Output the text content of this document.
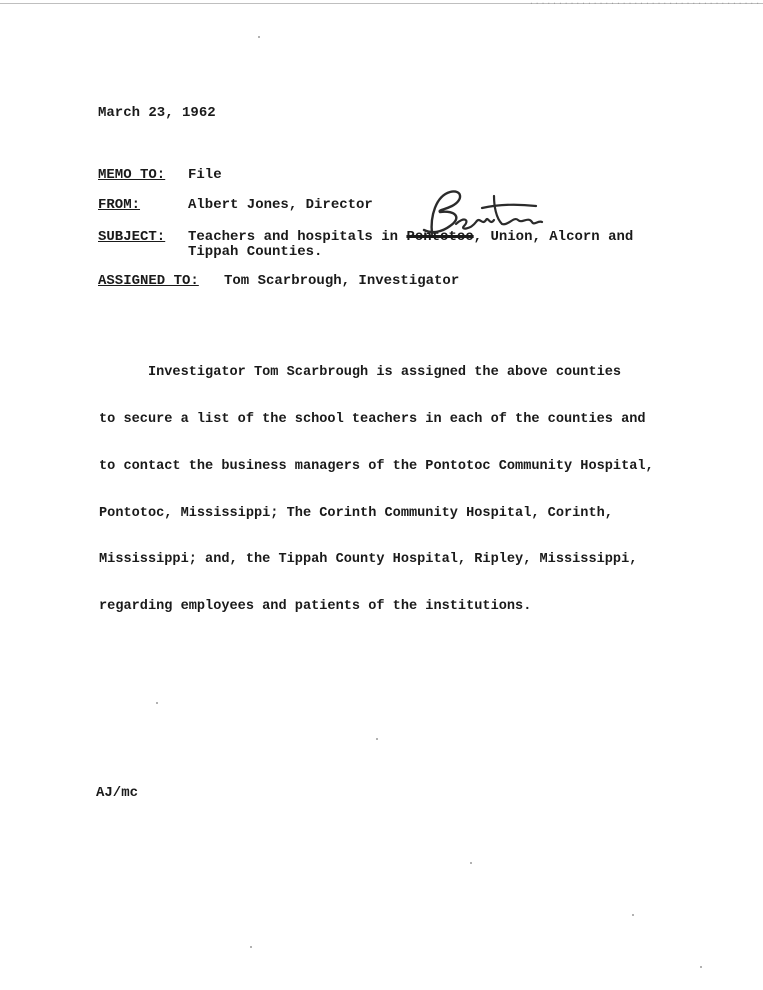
........................................
March 23, 1962
MEMO TO: File
FROM:	Albert Jones, Director
SUBJECT: Teachers and hospitals in Pontotoc, Union, Alcorn and
Tippah Counties.
Benton
ASSIGNED TO: Tom Scarbrough, Investigator

Investigator Tom Scarbrough is assigned the above counties

to secure a list of the school teachers in each of the counties and

to contact the business managers of the Pontotoc Community Hospital,

Pontotoc, Mississippi; The Corinth Community Hospital, Corinth,

Mississippi; and, the Tippah County Hospital, Ripley, Mississippi,

regarding employees and patients of the institutions.

AJ/mc
